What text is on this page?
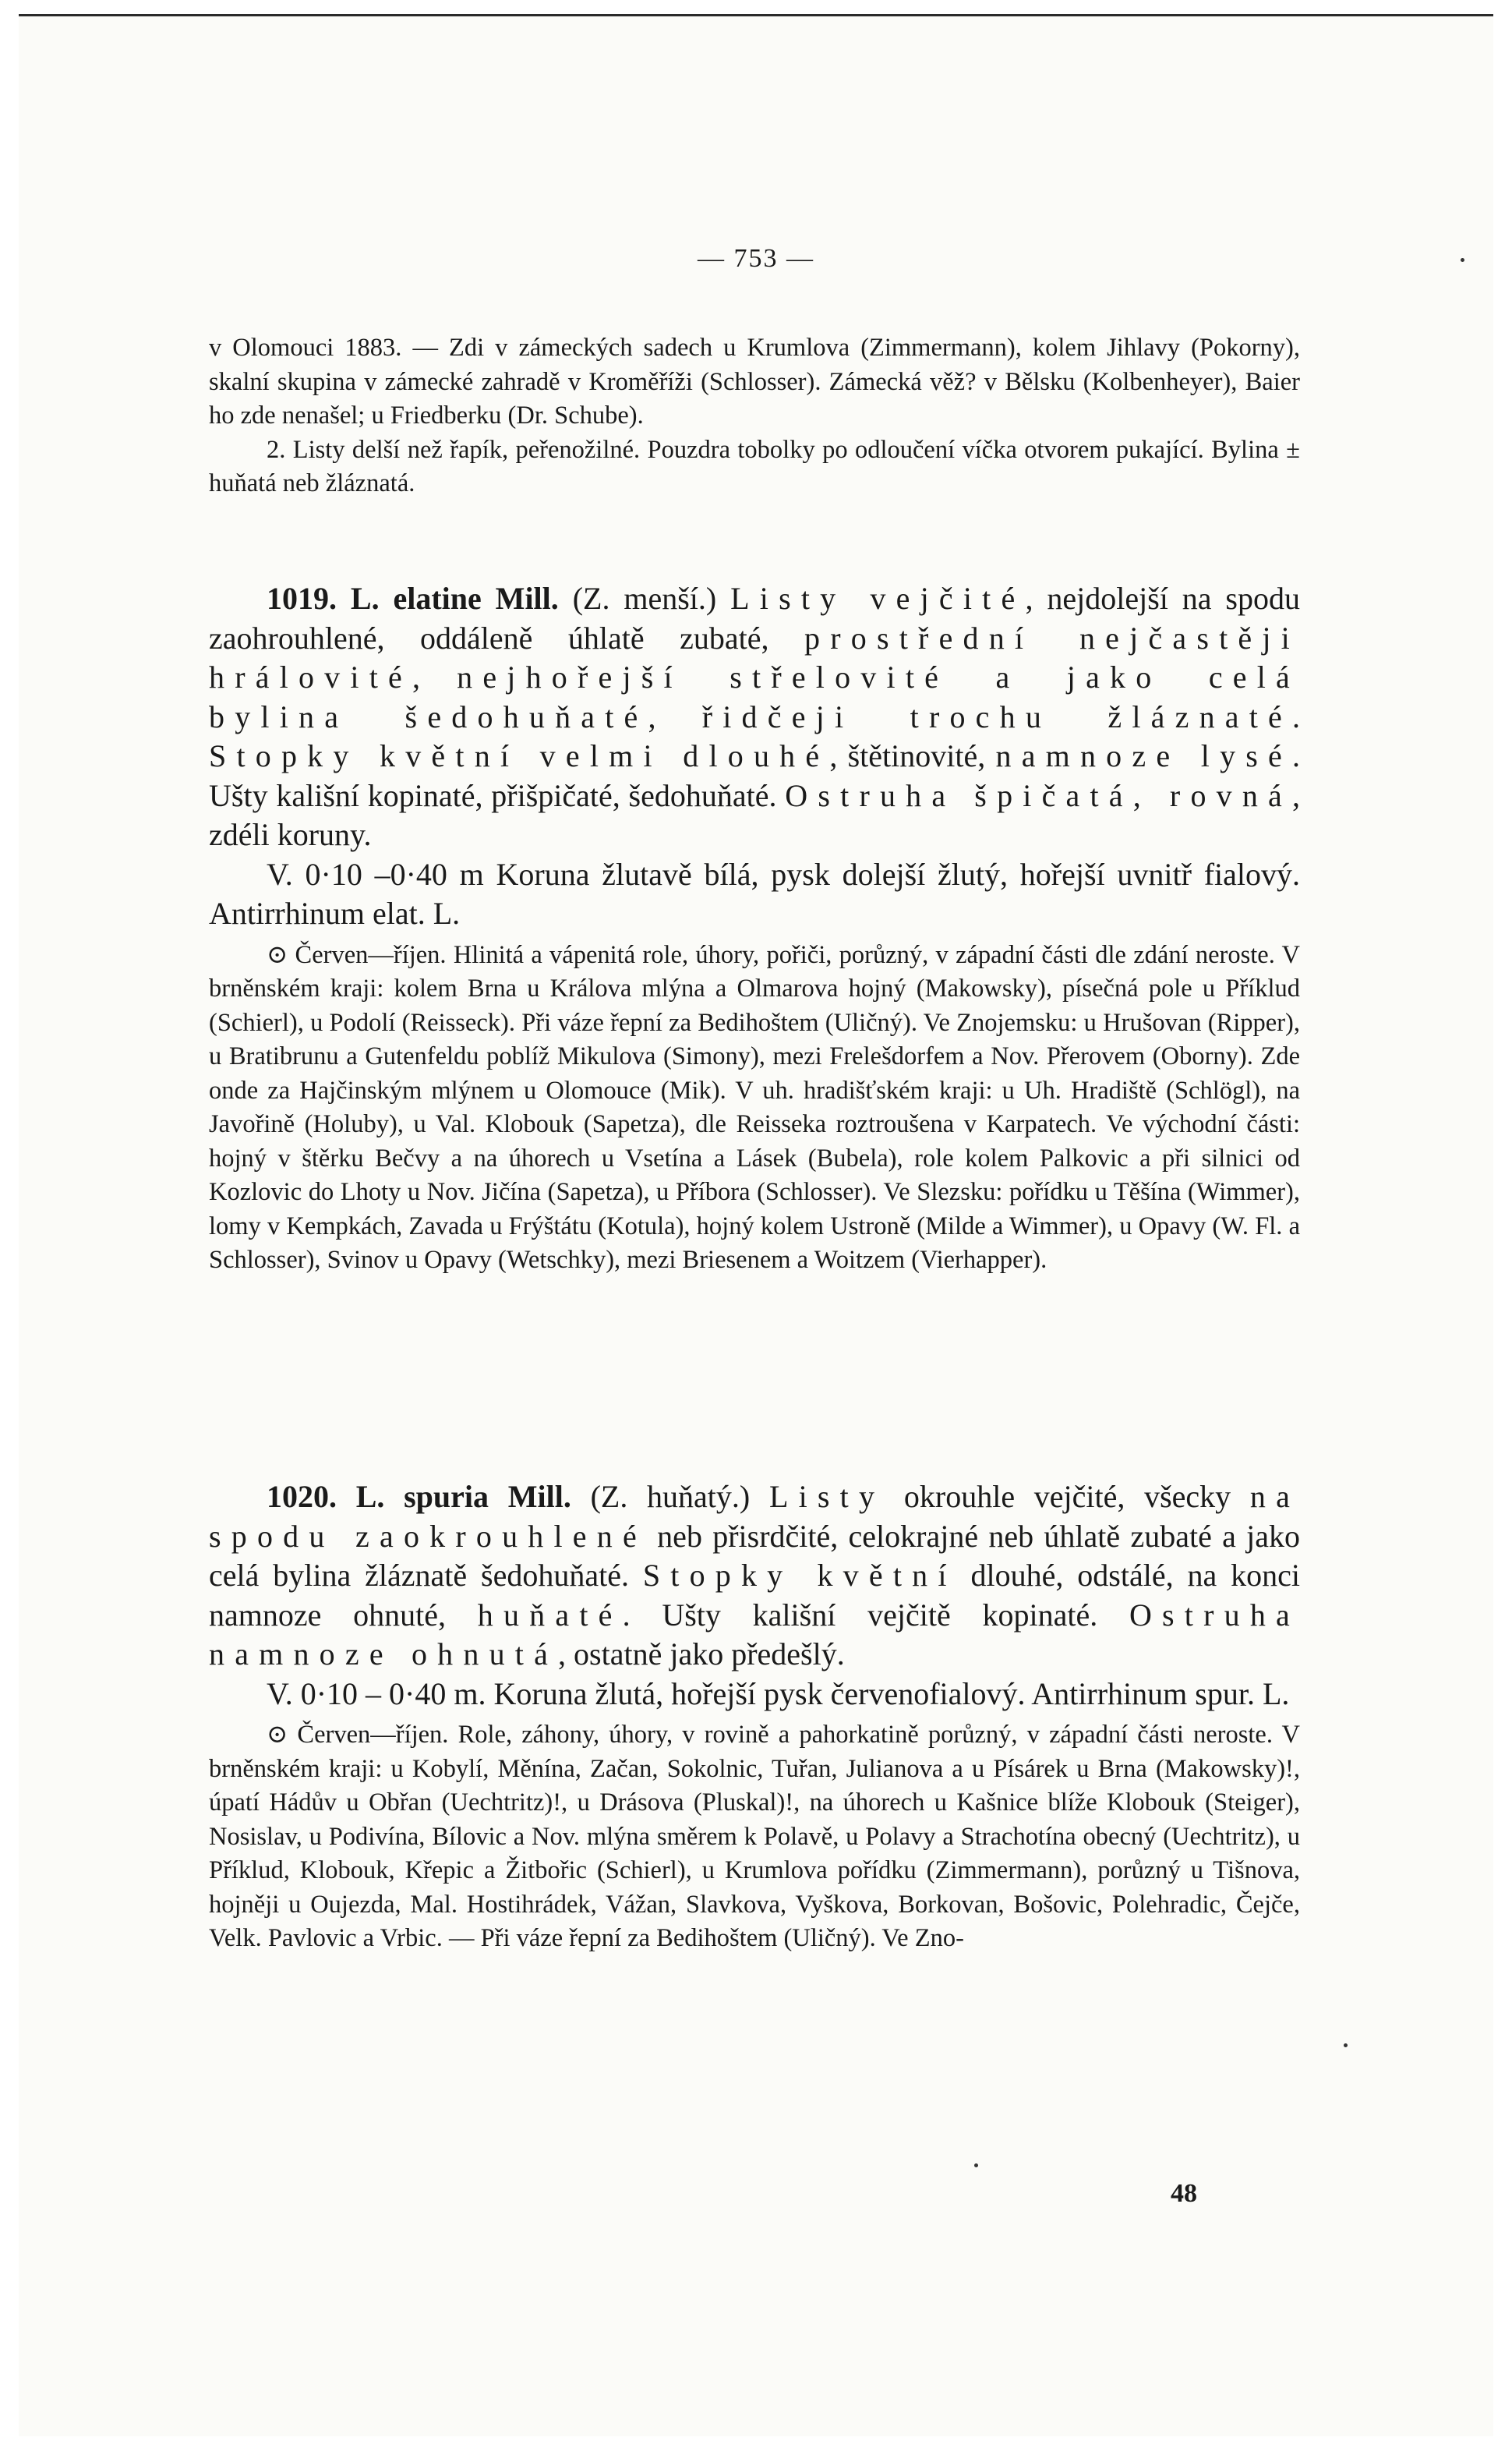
— 753 —

v Olomouci 1883. — Zdi v zámeckých sadech u Krumlova (Zimmermann), kolem Jihlavy (Pokorny), skalní skupina v zámecké zahradě v Kroměříži (Schlosser). Zámecká věž? v Bělsku (Kolbenheyer), Baier ho zde nenašel; u Friedberku (Dr. Schube).

2. Listy delší než řapík, peřenožilné. Pouzdra tobolky po odloučení víčka otvorem pukající. Bylina ± huňatá neb žláznatá.

1019. L. elatine Mill. (Z. menší.) Listy vejčité, nejdolejší na spodu zaohrouhlené, oddáleně úhlatě zubaté, prostřední nejčastěji hrálovité, nejhořejší střelovité a jako celá bylina šedohuňaté, řidčeji trochu žláznaté. Stopky květní velmi dlouhé, štětinovité, namnoze lysé. Ušty kališní kopinaté, přišpičaté, šedohuňaté. Ostruha špičatá, rovná, zdéli koruny.

V. 0·10 –0·40 m Koruna žlutavě bílá, pysk dolejší žlutý, hořejší uvnitř fialový. Antirrhinum elat. L.

⊙ Červen—říjen. Hlinitá a vápenitá role, úhory, pořiči, porůzný, v západní části dle zdání neroste. V brněnském kraji: kolem Brna u Králova mlýna a Olmarova hojný (Makowsky), písečná pole u Příklud (Schierl), u Podolí (Reisseck). Při váze řepní za Bedihoštem (Uličný). Ve Znojemsku: u Hrušovan (Ripper), u Bratibrunu a Gutenfeldu poblíž Mikulova (Simony), mezi Frelešdorfem a Nov. Přerovem (Oborny). Zde onde za Hajčinským mlýnem u Olomouce (Mik). V uh. hradišťském kraji: u Uh. Hradiště (Schlögl), na Javořině (Holuby), u Val. Klobouk (Sapetza), dle Reisseka roztroušena v Karpatech. Ve východní části: hojný v štěrku Bečvy a na úhorech u Vsetína a Lásek (Bubela), role kolem Palkovic a při silnici od Kozlovic do Lhoty u Nov. Jičína (Sapetza), u Příbora (Schlosser). Ve Slezsku: pořídku u Těšína (Wimmer), lomy v Kempkách, Zavada u Frýštátu (Kotula), hojný kolem Ustroně (Milde a Wimmer), u Opavy (W. Fl. a Schlosser), Svinov u Opavy (Wetschky), mezi Briesenem a Woitzem (Vierhapper).

1020. L. spuria Mill. (Z. huňatý.) Listy okrouhle vejčité, všecky na spodu zaokrouhlené neb přisrdčité, celokrajné neb úhlatě zubaté a jako celá bylina žláznatě šedohuňaté. Stopky květní dlouhé, odstálé, na konci namnoze ohnuté, huňaté. Ušty kališní vejčitě kopinaté. Ostruha namnoze ohnutá, ostatně jako předešlý.

V. 0·10 – 0·40 m. Koruna žlutá, hořejší pysk červenofialový. Antirrhinum spur. L.

⊙ Červen—říjen. Role, záhony, úhory, v rovině a pahorkatině porůzný, v západní části neroste. V brněnském kraji: u Kobylí, Měnína, Začan, Sokolnic, Tuřan, Julianova a u Písárek u Brna (Makowsky)!, úpatí Hádův u Obřan (Uechtritz)!, u Drásova (Pluskal)!, na úhorech u Kašnice blíže Klobouk (Steiger), Nosislav, u Podivína, Bílovic a Nov. mlýna směrem k Polavě, u Polavy a Strachotína obecný (Uechtritz), u Příklud, Klobouk, Křepic a Žitbořic (Schierl), u Krumlova pořídku (Zimmermann), porůzný u Tišnova, hojněji u Oujezda, Mal. Hostihrádek, Vážan, Slavkova, Vyškova, Borkovan, Bošovic, Polehradic, Čejče, Velk. Pavlovic a Vrbic. — Při váze řepní za Bedihoštem (Uličný). Ve Zno-

48
